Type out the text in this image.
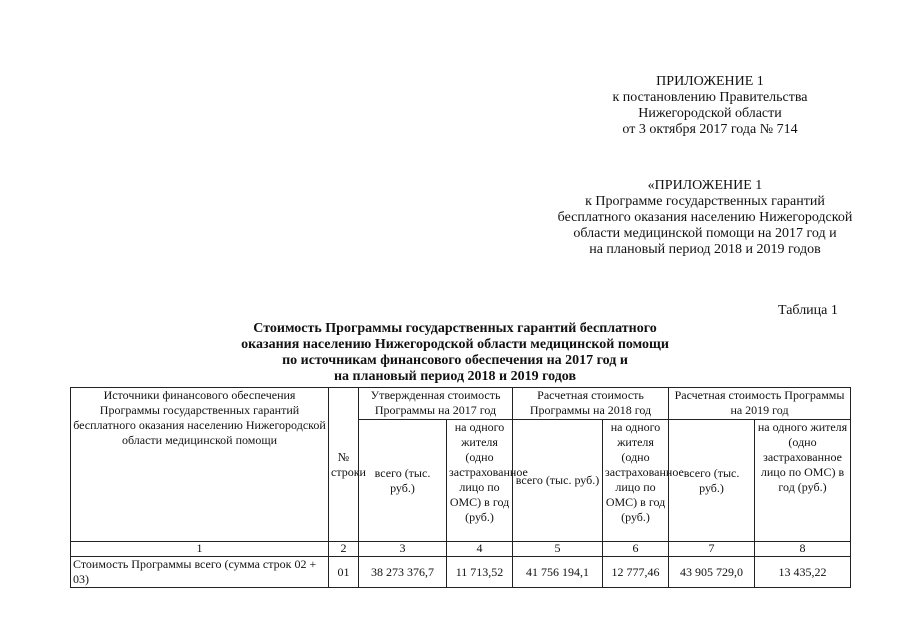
ПРИЛОЖЕНИЕ 1
к постановлению Правительства
Нижегородской области
от 3 октября 2017 года № 714
«ПРИЛОЖЕНИЕ 1
к Программе государственных гарантий
бесплатного оказания населению Нижегородской
области медицинской помощи на 2017 год и
на плановый период 2018 и 2019 годов
Таблица 1
Стоимость Программы государственных гарантий бесплатного
оказания населению Нижегородской области медицинской помощи
по источникам финансового обеспечения на 2017 год и
на плановый период 2018 и 2019 годов
Источники финансового обеспечения Программы государственных гарантий бесплатного оказания населению Нижегородской области медицинской помощи	№ строки	Утвержденная стоимость Программы на 2017 год		Расчетная стоимость Программы на 2018 год		Расчетная стоимость Программы на 2019 год	
		всего (тыс. руб.)	на одного жителя (одно застрахованное лицо по ОМС) в год (руб.)	всего (тыс. руб.)	на одного жителя (одно застрахованное лицо по ОМС) в год (руб.)	всего (тыс. руб.)	на одного жителя (одно застрахованное лицо по ОМС) в год (руб.)
1	2	3	4	5	6	7	8
Стоимость Программы всего (сумма строк 02 + 03)	01	38 273 376,7	11 713,52	41 756 194,1	12 777,46	43 905 729,0	13 435,22
